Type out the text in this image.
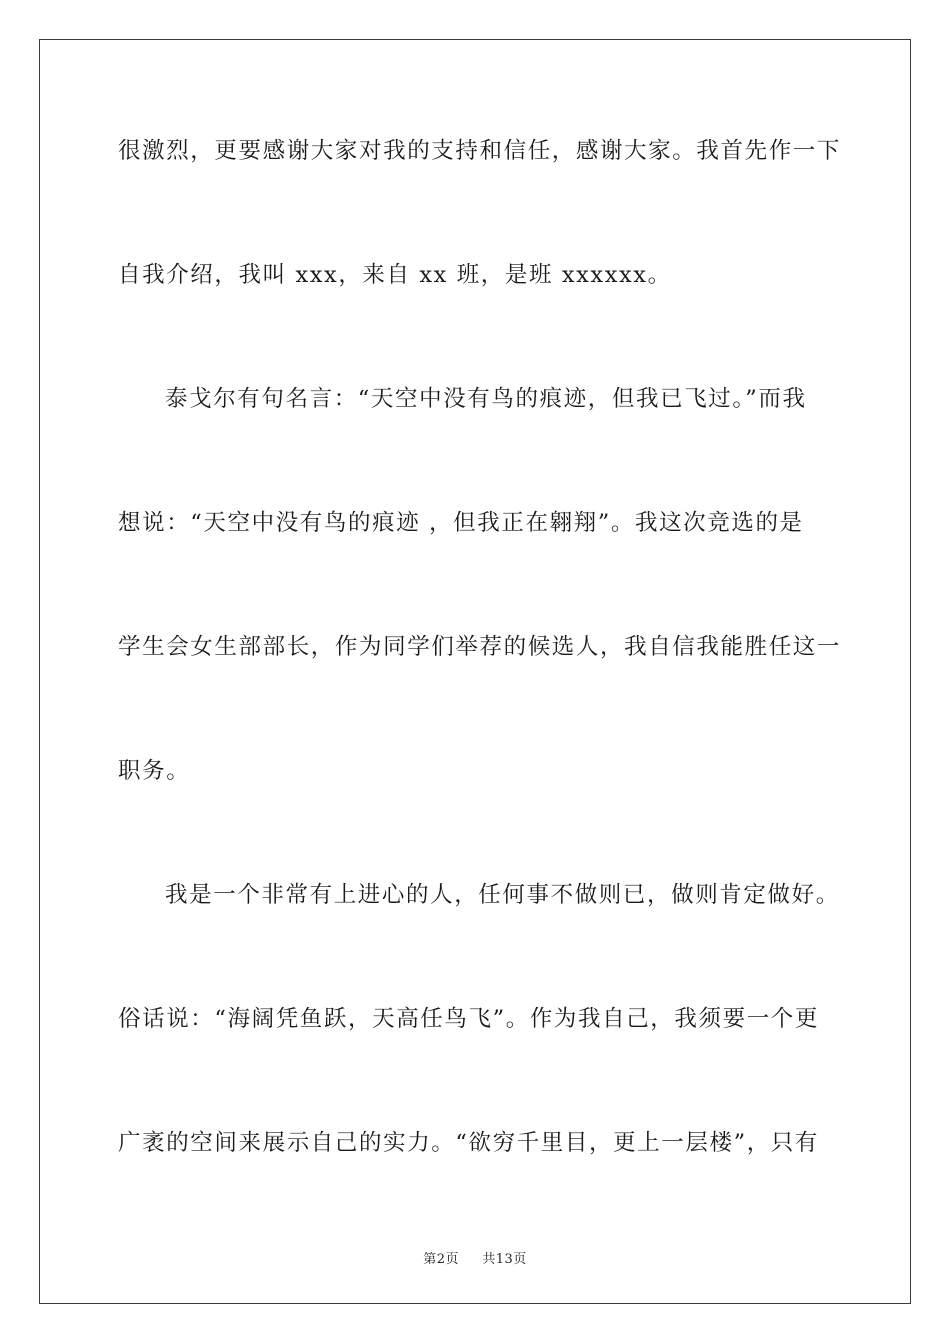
很激烈，更要感谢大家对我的支持和信任，感谢大家。我首先作一下
自我介绍，我叫 xxx，来自 xx 班，是班 xxxxxx。
泰戈尔有句名言：“天空中没有鸟的痕迹，但我已飞过。”而我
想说：“天空中没有鸟的痕迹 ，但我正在翱翔”。我这次竞选的是
学生会女生部部长，作为同学们举荐的候选人，我自信我能胜任这一
职务。
我是一个非常有上进心的人，任何事不做则已，做则肯定做好。
俗话说：“海阔凭鱼跃，天高任鸟飞”。作为我自己，我须要一个更
广袤的空间来展示自己的实力。“欲穷千里目，更上一层楼”，只有
第2页 共13页
